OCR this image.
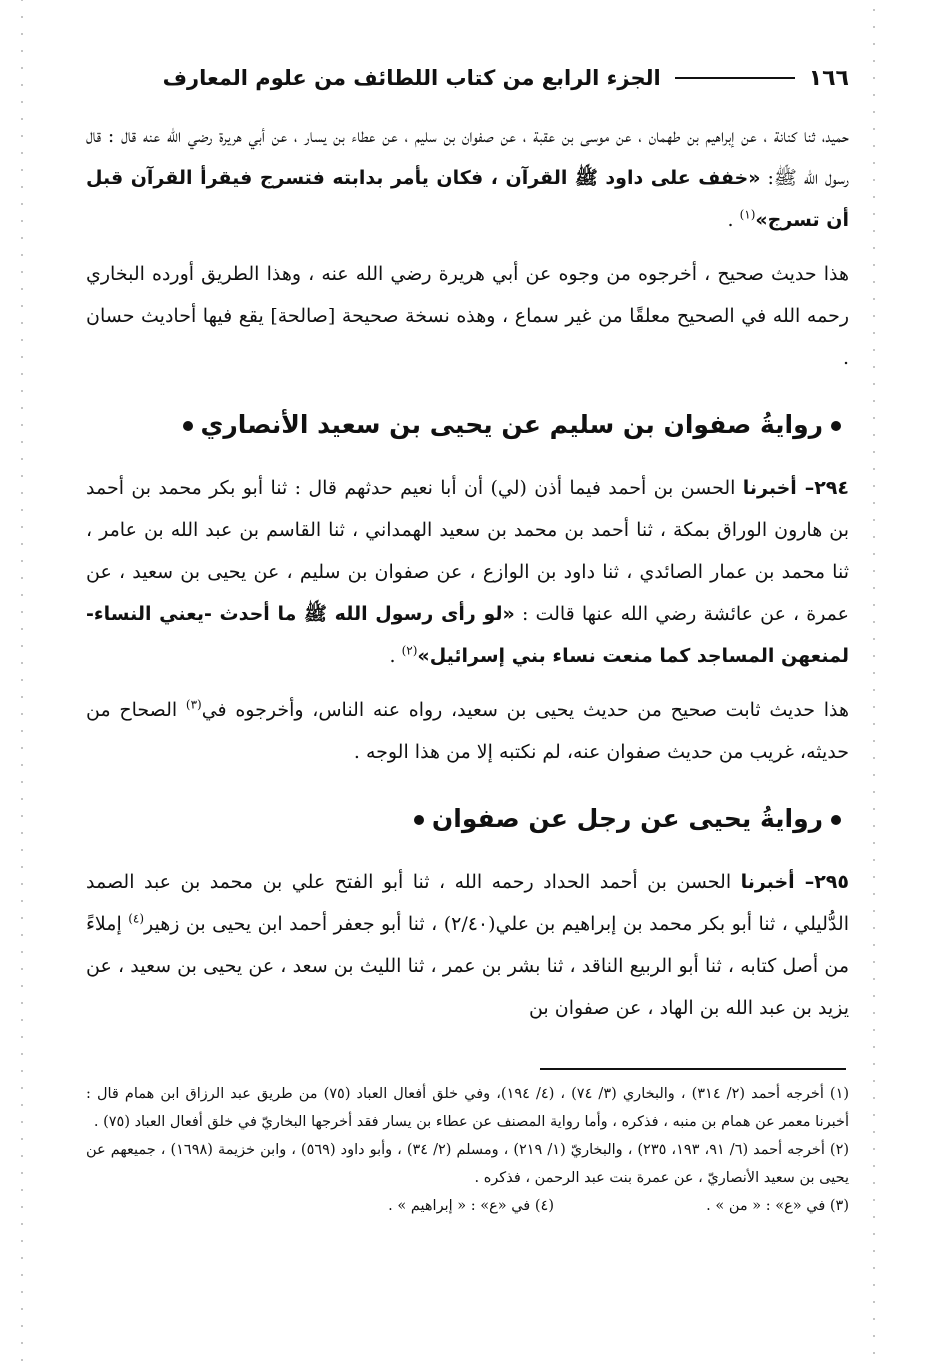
١٦٦
الجزء الرابع من كتاب اللطائف من علوم المعارف

حميد، ثنا كنانة ، عن إبراهيم بن طهمان ، عن موسى بن عقبة ، عن صفوان بن سليم ، عن عطاء بن يسار ، عن أبي هريرة رضي الله عنه قال : قال رسول الله ﷺ: «خفف على داود ﷺ القرآن ، فكان يأمر بدابته فتسرج فيقرأ القرآن قبل أن تسرج»$^{(١)}$ .

هذا حديث صحيح ، أخرجوه من وجوه عن أبي هريرة رضي الله عنه ، وهذا الطريق أورده البخاري رحمه الله في الصحيح معلقًا من غير سماع ، وهذه نسخة صحيحة [صالحة] يقع فيها أحاديث حسان .

روايةُ صفوان بن سليم عن يحيى بن سعيد الأنصاري

٢٩٤– أخبرنا الحسن بن أحمد فيما أذن (لي) أن أبا نعيم حدثهم قال : ثنا أبو بكر محمد بن أحمد بن هارون الوراق بمكة ، ثنا أحمد بن محمد بن سعيد الهمداني ، ثنا القاسم بن عبد الله بن عامر ، ثنا محمد بن عمار الصائدي ، ثنا داود بن الوازع ، عن صفوان بن سليم ، عن يحيى بن سعيد ، عن عمرة ، عن عائشة رضي الله عنها قالت : «لو رأى رسول الله ﷺ ما أحدث -يعني النساء- لمنعهن المساجد كما منعت نساء بني إسرائيل»$^{(٢)}$ .

هذا حديث ثابت صحيح من حديث يحيى بن سعيد، رواه عنه الناس، وأخرجوه في$^{(٣)}$ الصحاح من حديثه، غريب من حديث صفوان عنه، لم نكتبه إلا من هذا الوجه .

روايةُ يحيى عن رجل عن صفوان

٢٩٥– أخبرنا الحسن بن أحمد الحداد رحمه الله ، ثنا أبو الفتح علي بن محمد بن عبد الصمد الدُّليلي ، ثنا أبو بكر محمد بن إبراهيم بن علي(٢/٤٠) ، ثنا أبو جعفر أحمد ابن يحيى بن زهير$^{(٤)}$ إملاءً من أصل كتابه ، ثنا أبو الربيع الناقد ، ثنا بشر بن عمر ، ثنا الليث بن سعد ، عن يحيى بن سعيد ، عن يزيد بن عبد الله بن الهاد ، عن صفوان بن

(١) أخرجه أحمد (٢/ ٣١٤) ، والبخاري (٣/ ٧٤) ، (٤/ ١٩٤)، وفي خلق أفعال العباد (٧٥) من طريق عبد الرزاق ابن همام قال : أخبرنا معمر عن همام بن منبه ، فذكره ، وأما رواية المصنف عن عطاء بن يسار فقد أخرجها البخاريّ في خلق أفعال العباد (٧٥) .

(٢) أخرجه أحمد (٦/ ٩١، ١٩٣، ٢٣٥) ، والبخاريّ (١/ ٢١٩) ، ومسلم (٢/ ٣٤) ، وأبو داود (٥٦٩) ، وابن خزيمة (١٦٩٨) ، جميعهم عن يحيى بن سعيد الأنصاريّ ، عن عمرة بنت عبد الرحمن ، فذكره .

(٣) في «ع» : « من » .
(٤) في «ع» : « إبراهيم » .
